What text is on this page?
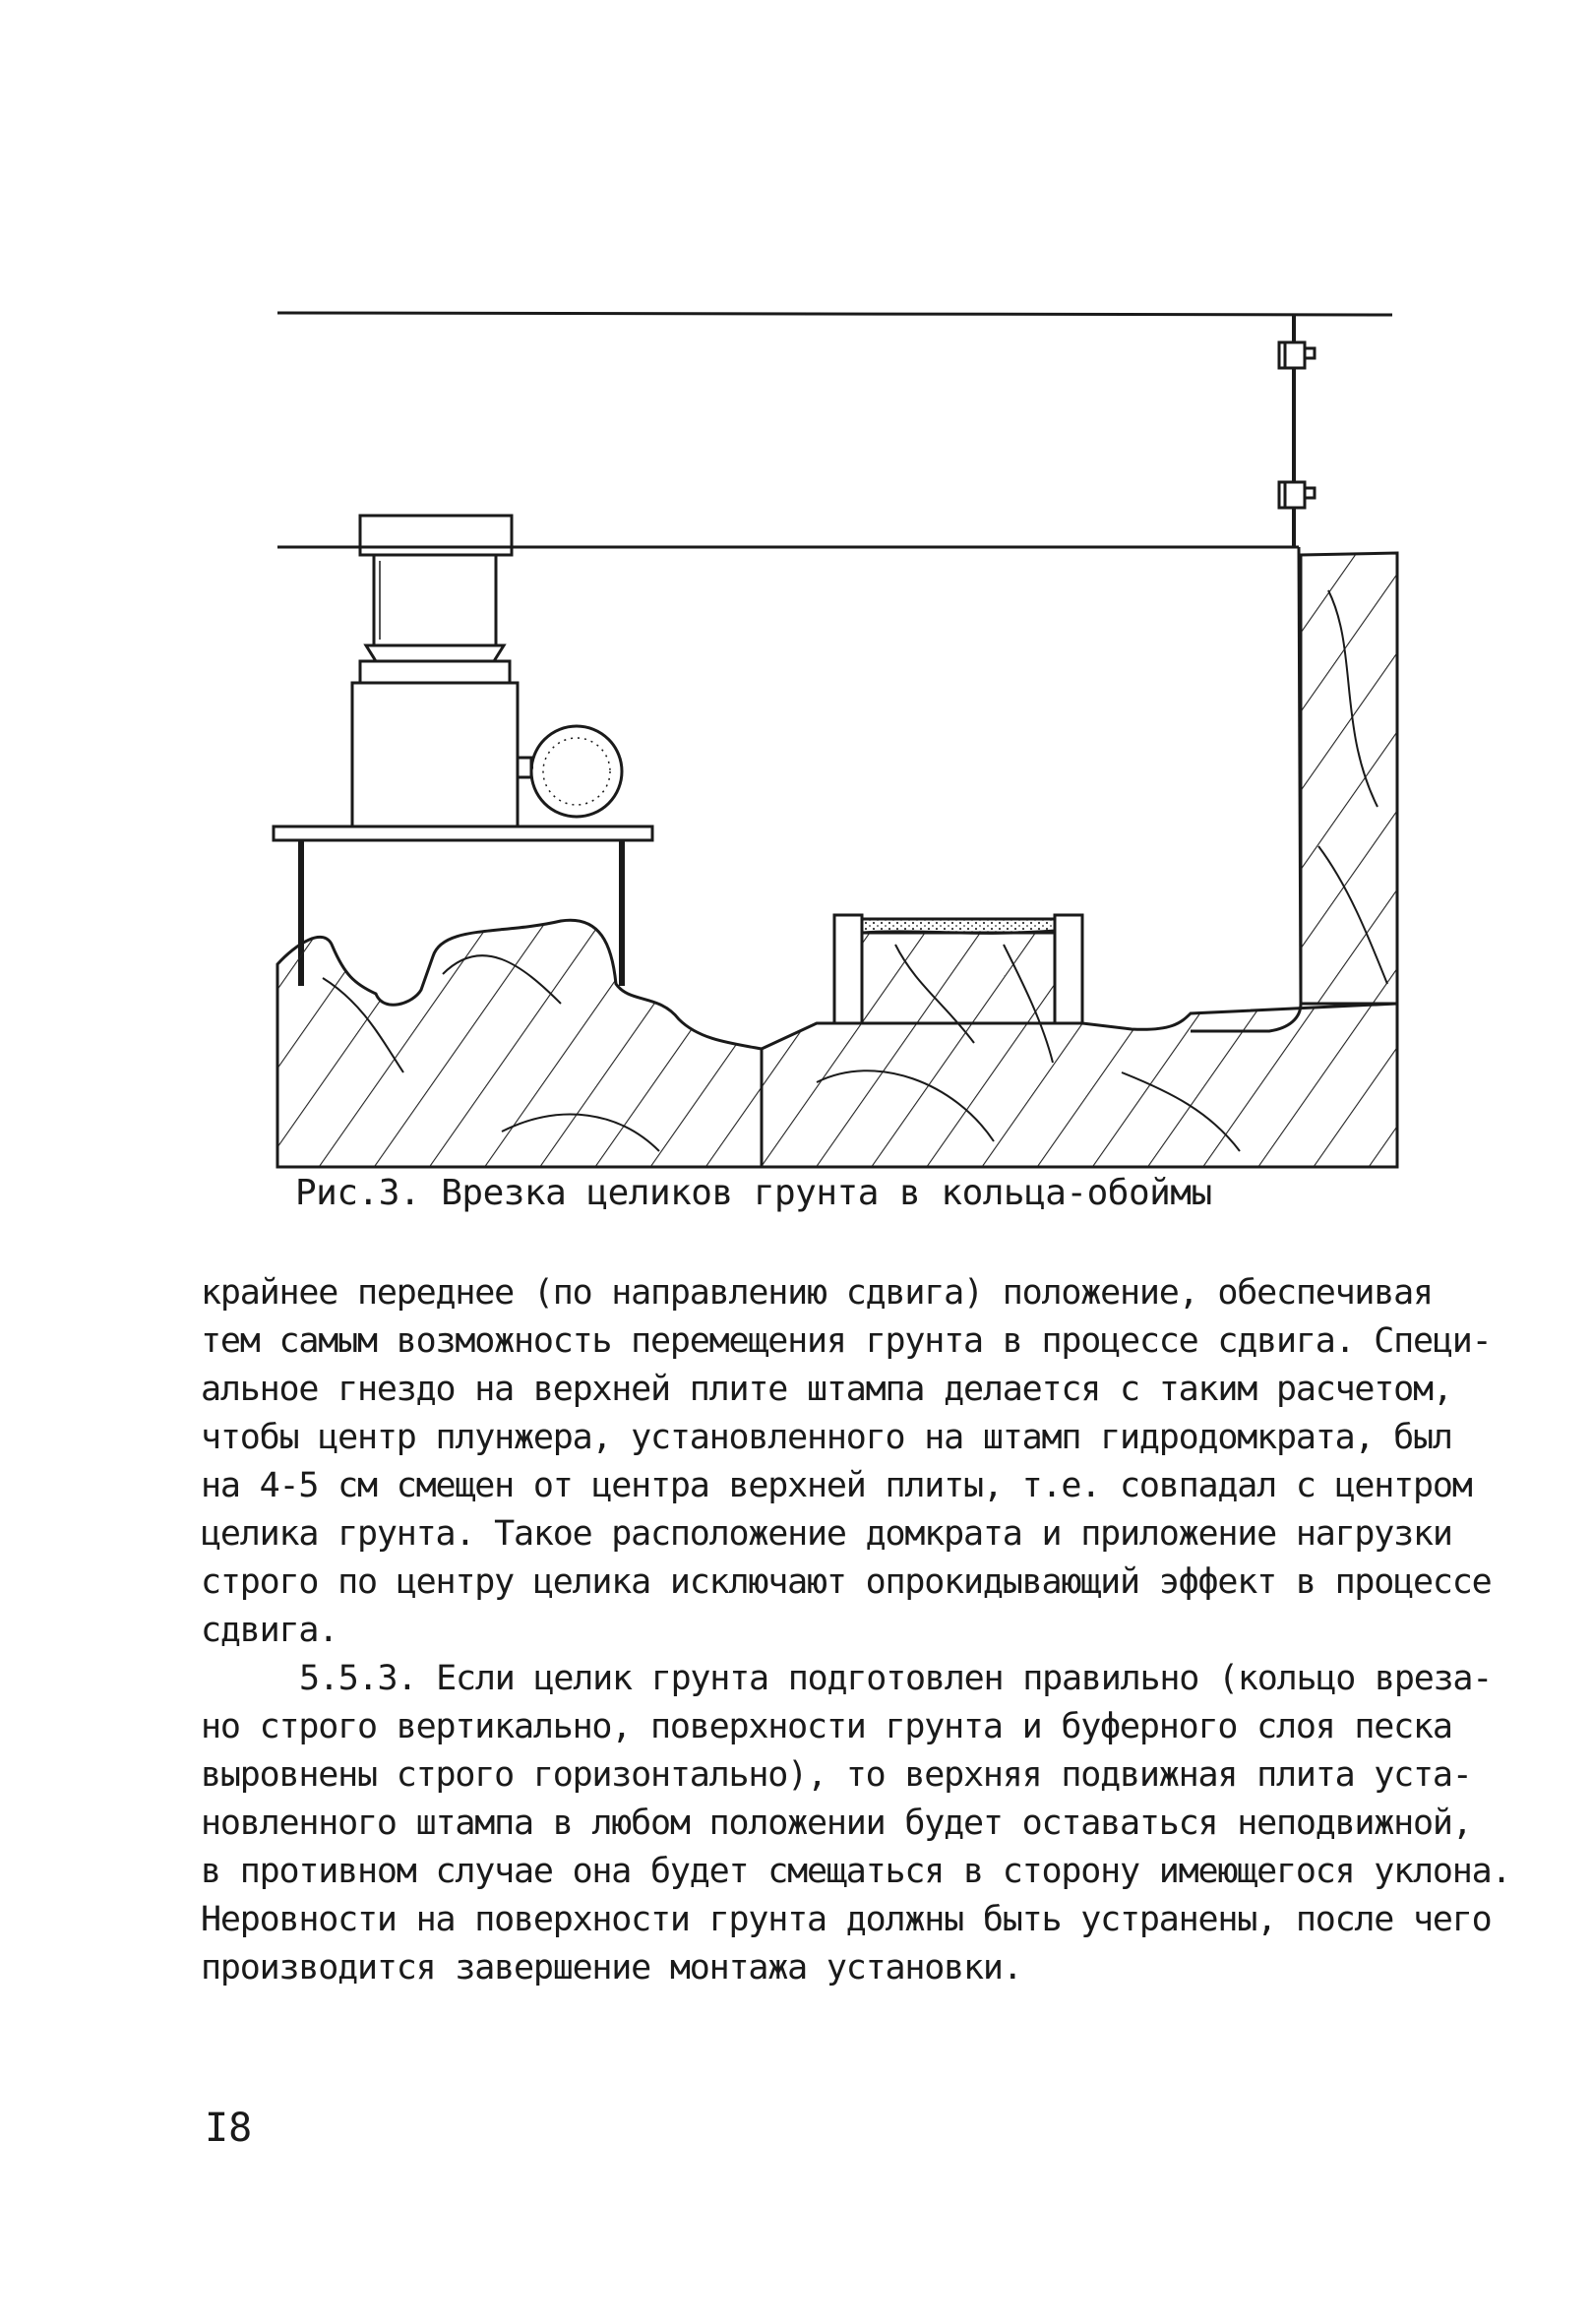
Рис.3. Врезка целиков грунта в кольца-обоймы
крайнее переднее (по направлению сдвига) положение, обеспечивая
тем самым возможность перемещения грунта в процессе сдвига. Специ-
альное гнездо на верхней плите штампа делается с таким расчетом,
чтобы центр плунжера, установленного на штамп гидродомкрата, был
на 4-5 см смещен от центра верхней плиты, т.е. совпадал с центром
целика грунта. Такое расположение домкрата и приложение нагрузки
строго по центру целика исключают опрокидывающий эффект в процессе
сдвига.
5.5.3. Если целик грунта подготовлен правильно (кольцо вреза-
но строго вертикально, поверхности грунта и буферного слоя песка
выровнены строго горизонтально), то верхняя подвижная плита уста-
новленного штампа в любом положении будет оставаться неподвижной,
в противном случае она будет смещаться в сторону имеющегося уклона.
Неровности на поверхности грунта должны быть устранены, после чего
производится завершение монтажа установки.
I8
